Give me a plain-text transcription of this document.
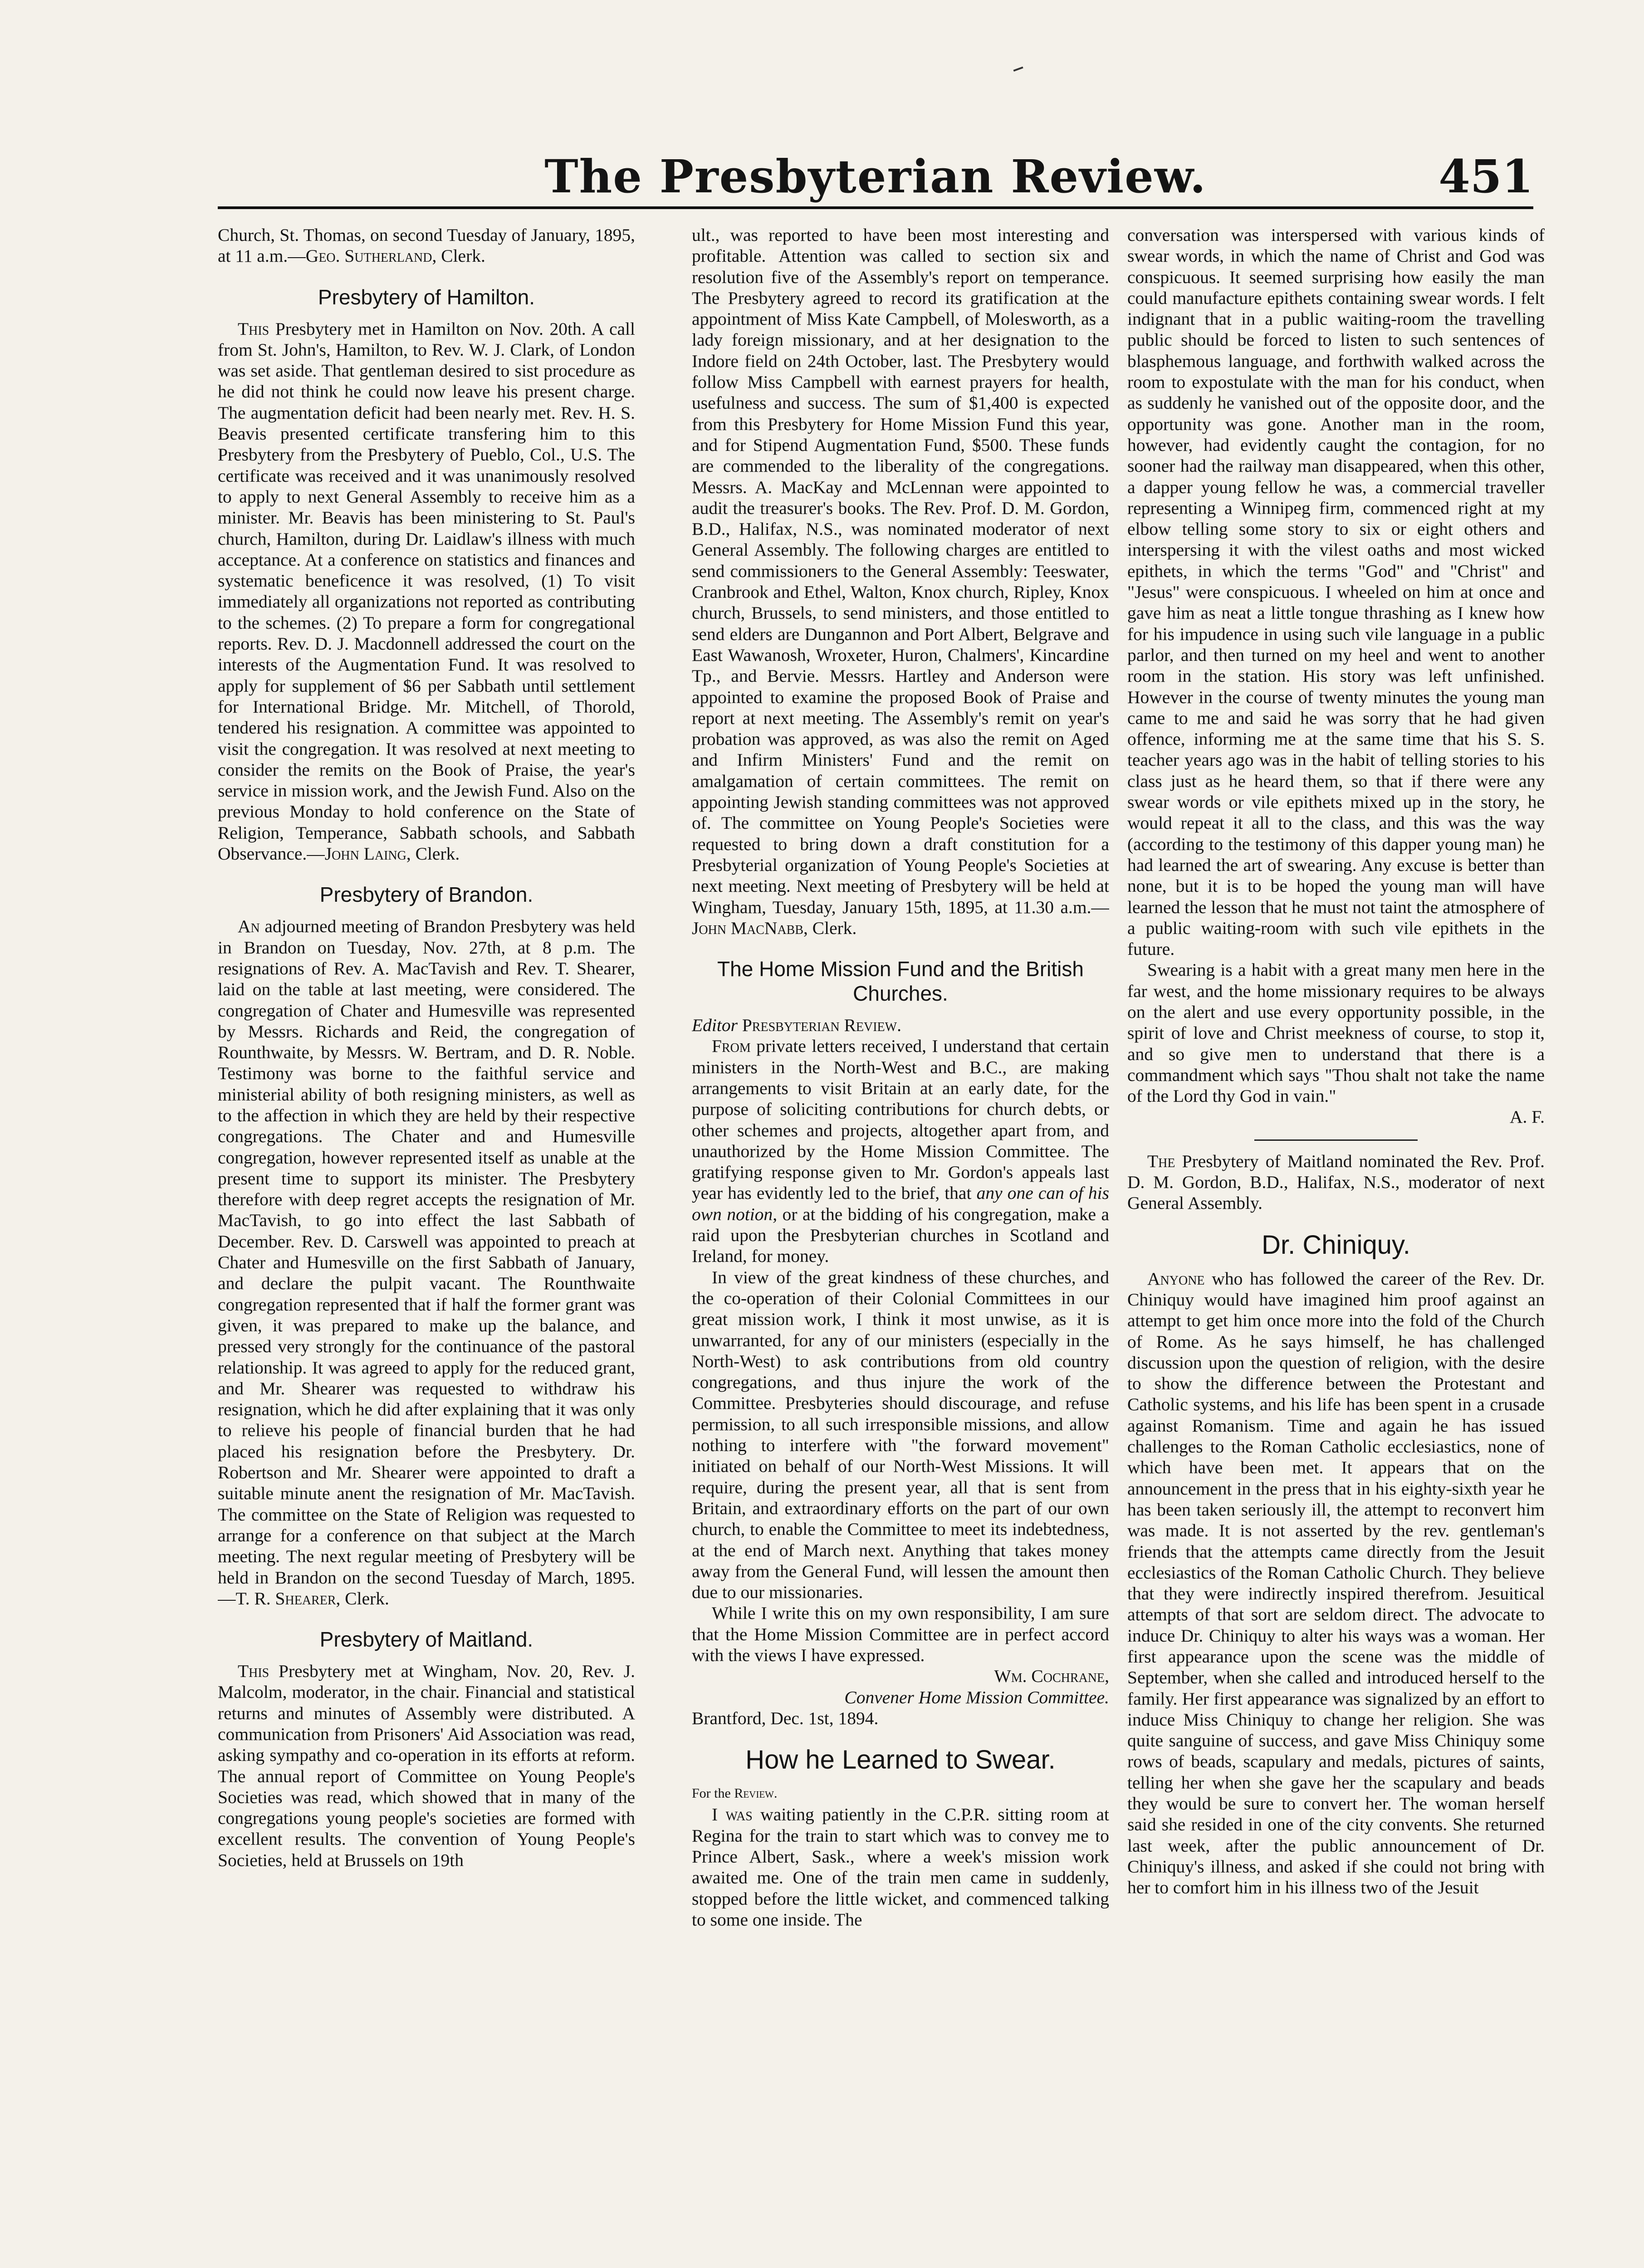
The Presbyterian Review.	451

Church, St. Thomas, on second Tuesday of January, 1895, at 11 a.m.—Geo. Sutherland, Clerk.

Presbytery of Hamilton.

This Presbytery met in Hamilton on Nov. 20th. A call from St. John's, Hamilton, to Rev. W. J. Clark, of London was set aside. That gentleman desired to sist procedure as he did not think he could now leave his present charge. The augmentation deficit had been nearly met. Rev. H. S. Beavis presented certificate transfering him to this Presbytery from the Presbytery of Pueblo, Col., U.S. The certificate was received and it was unanimously resolved to apply to next General Assembly to receive him as a minister. Mr. Beavis has been ministering to St. Paul's church, Hamilton, during Dr. Laidlaw's illness with much acceptance. At a conference on statistics and finances and systematic beneficence it was resolved, (1) To visit immediately all organizations not reported as contributing to the schemes. (2) To prepare a form for congregational reports. Rev. D. J. Macdonnell addressed the court on the interests of the Augmentation Fund. It was resolved to apply for supplement of $6 per Sabbath until settlement for International Bridge. Mr. Mitchell, of Thorold, tendered his resignation. A committee was appointed to visit the congregation. It was resolved at next meeting to consider the remits on the Book of Praise, the year's service in mission work, and the Jewish Fund. Also on the previous Monday to hold conference on the State of Religion, Temperance, Sabbath schools, and Sabbath Observance.—John Laing, Clerk.

Presbytery of Brandon.

An adjourned meeting of Brandon Presbytery was held in Brandon on Tuesday, Nov. 27th, at 8 p.m. The resignations of Rev. A. MacTavish and Rev. T. Shearer, laid on the table at last meeting, were considered. The congregation of Chater and Humesville was represented by Messrs. Richards and Reid, the congregation of Rounthwaite, by Messrs. W. Bertram, and D. R. Noble. Testimony was borne to the faithful service and ministerial ability of both resigning ministers, as well as to the affection in which they are held by their respective congregations. The Chater and and Humesville congregation, however represented itself as unable at the present time to support its minister. The Presbytery therefore with deep regret accepts the resignation of Mr. MacTavish, to go into effect the last Sabbath of December. Rev. D. Carswell was appointed to preach at Chater and Humesville on the first Sabbath of January, and declare the pulpit vacant. The Rounthwaite congregation represented that if half the former grant was given, it was prepared to make up the balance, and pressed very strongly for the continuance of the pastoral relationship. It was agreed to apply for the reduced grant, and Mr. Shearer was requested to withdraw his resignation, which he did after explaining that it was only to relieve his people of financial burden that he had placed his resignation before the Presbytery. Dr. Robertson and Mr. Shearer were appointed to draft a suitable minute anent the resignation of Mr. MacTavish. The committee on the State of Religion was requested to arrange for a conference on that subject at the March meeting. The next regular meeting of Presbytery will be held in Brandon on the second Tuesday of March, 1895.—T. R. Shearer, Clerk.

Presbytery of Maitland.

This Presbytery met at Wingham, Nov. 20, Rev. J. Malcolm, moderator, in the chair. Financial and statistical returns and minutes of Assembly were distributed. A communication from Prisoners' Aid Association was read, asking sympathy and co-operation in its efforts at reform. The annual report of Committee on Young People's Societies was read, which showed that in many of the congregations young people's societies are formed with excellent results. The convention of Young People's Societies, held at Brussels on 19th

ult., was reported to have been most interesting and profitable. Attention was called to section six and resolution five of the Assembly's report on temperance. The Presbytery agreed to record its gratification at the appointment of Miss Kate Campbell, of Molesworth, as a lady foreign missionary, and at her designation to the Indore field on 24th October, last. The Presbytery would follow Miss Campbell with earnest prayers for health, usefulness and success. The sum of $1,400 is expected from this Presbytery for Home Mission Fund this year, and for Stipend Augmentation Fund, $500. These funds are commended to the liberality of the congregations. Messrs. A. MacKay and McLennan were appointed to audit the treasurer's books. The Rev. Prof. D. M. Gordon, B.D., Halifax, N.S., was nominated moderator of next General Assembly. The following charges are entitled to send commissioners to the General Assembly: Teeswater, Cranbrook and Ethel, Walton, Knox church, Ripley, Knox church, Brussels, to send ministers, and those entitled to send elders are Dungannon and Port Albert, Belgrave and East Wawanosh, Wroxeter, Huron, Chalmers', Kincardine Tp., and Bervie. Messrs. Hartley and Anderson were appointed to examine the proposed Book of Praise and report at next meeting. The Assembly's remit on year's probation was approved, as was also the remit on Aged and Infirm Ministers' Fund and the remit on amalgamation of certain committees. The remit on appointing Jewish standing committees was not approved of. The committee on Young People's Societies were requested to bring down a draft constitution for a Presbyterial organization of Young People's Societies at next meeting. Next meeting of Presbytery will be held at Wingham, Tuesday, January 15th, 1895, at 11.30 a.m.—John MacNabb, Clerk.

The Home Mission Fund and the British Churches.

Editor Presbyterian Review.

From private letters received, I understand that certain ministers in the North-West and B.C., are making arrangements to visit Britain at an early date, for the purpose of soliciting contributions for church debts, or other schemes and projects, altogether apart from, and unauthorized by the Home Mission Committee. The gratifying response given to Mr. Gordon's appeals last year has evidently led to the brief, that any one can of his own notion, or at the bidding of his congregation, make a raid upon the Presbyterian churches in Scotland and Ireland, for money.

In view of the great kindness of these churches, and the co-operation of their Colonial Committees in our great mission work, I think it most unwise, as it is unwarranted, for any of our ministers (especially in the North-West) to ask contributions from old country congregations, and thus injure the work of the Committee. Presbyteries should discourage, and refuse permission, to all such irresponsible missions, and allow nothing to interfere with "the forward movement" initiated on behalf of our North-West Missions. It will require, during the present year, all that is sent from Britain, and extraordinary efforts on the part of our own church, to enable the Committee to meet its indebtedness, at the end of March next. Anything that takes money away from the General Fund, will lessen the amount then due to our missionaries.

While I write this on my own responsibility, I am sure that the Home Mission Committee are in perfect accord with the views I have expressed.

Wm. Cochrane,

Convener Home Mission Committee.

Brantford, Dec. 1st, 1894.

How he Learned to Swear.

For the Review.

I was waiting patiently in the C.P.R. sitting room at Regina for the train to start which was to convey me to Prince Albert, Sask., where a week's mission work awaited me. One of the train men came in suddenly, stopped before the little wicket, and commenced talking to some one inside. The

conversation was interspersed with various kinds of swear words, in which the name of Christ and God was conspicuous. It seemed surprising how easily the man could manufacture epithets containing swear words. I felt indignant that in a public waiting-room the travelling public should be forced to listen to such sentences of blasphemous language, and forthwith walked across the room to expostulate with the man for his conduct, when as suddenly he vanished out of the opposite door, and the opportunity was gone. Another man in the room, however, had evidently caught the contagion, for no sooner had the railway man disappeared, when this other, a dapper young fellow he was, a commercial traveller representing a Winnipeg firm, commenced right at my elbow telling some story to six or eight others and interspersing it with the vilest oaths and most wicked epithets, in which the terms "God" and "Christ" and "Jesus" were conspicuous. I wheeled on him at once and gave him as neat a little tongue thrashing as I knew how for his impudence in using such vile language in a public parlor, and then turned on my heel and went to another room in the station. His story was left unfinished. However in the course of twenty minutes the young man came to me and said he was sorry that he had given offence, informing me at the same time that his S. S. teacher years ago was in the habit of telling stories to his class just as he heard them, so that if there were any swear words or vile epithets mixed up in the story, he would repeat it all to the class, and this was the way (according to the testimony of this dapper young man) he had learned the art of swearing. Any excuse is better than none, but it is to be hoped the young man will have learned the lesson that he must not taint the atmosphere of a public waiting-room with such vile epithets in the future.

Swearing is a habit with a great many men here in the far west, and the home missionary requires to be always on the alert and use every opportunity possible, in the spirit of love and Christ meekness of course, to stop it, and so give men to understand that there is a commandment which says "Thou shalt not take the name of the Lord thy God in vain."

A. F.

The Presbytery of Maitland nominated the Rev. Prof. D. M. Gordon, B.D., Halifax, N.S., moderator of next General Assembly.

Dr. Chiniquy.

Anyone who has followed the career of the Rev. Dr. Chiniquy would have imagined him proof against an attempt to get him once more into the fold of the Church of Rome. As he says himself, he has challenged discussion upon the question of religion, with the desire to show the difference between the Protestant and Catholic systems, and his life has been spent in a crusade against Romanism. Time and again he has issued challenges to the Roman Catholic ecclesiastics, none of which have been met. It appears that on the announcement in the press that in his eighty-sixth year he has been taken seriously ill, the attempt to reconvert him was made. It is not asserted by the rev. gentleman's friends that the attempts came directly from the Jesuit ecclesiastics of the Roman Catholic Church. They believe that they were indirectly inspired therefrom. Jesuitical attempts of that sort are seldom direct. The advocate to induce Dr. Chiniquy to alter his ways was a woman. Her first appearance upon the scene was the middle of September, when she called and introduced herself to the family. Her first appearance was signalized by an effort to induce Miss Chiniquy to change her religion. She was quite sanguine of success, and gave Miss Chiniquy some rows of beads, scapulary and medals, pictures of saints, telling her when she gave her the scapulary and beads they would be sure to convert her. The woman herself said she resided in one of the city convents. She returned last week, after the public announcement of Dr. Chiniquy's illness, and asked if she could not bring with her to comfort him in his illness two of the Jesuit
